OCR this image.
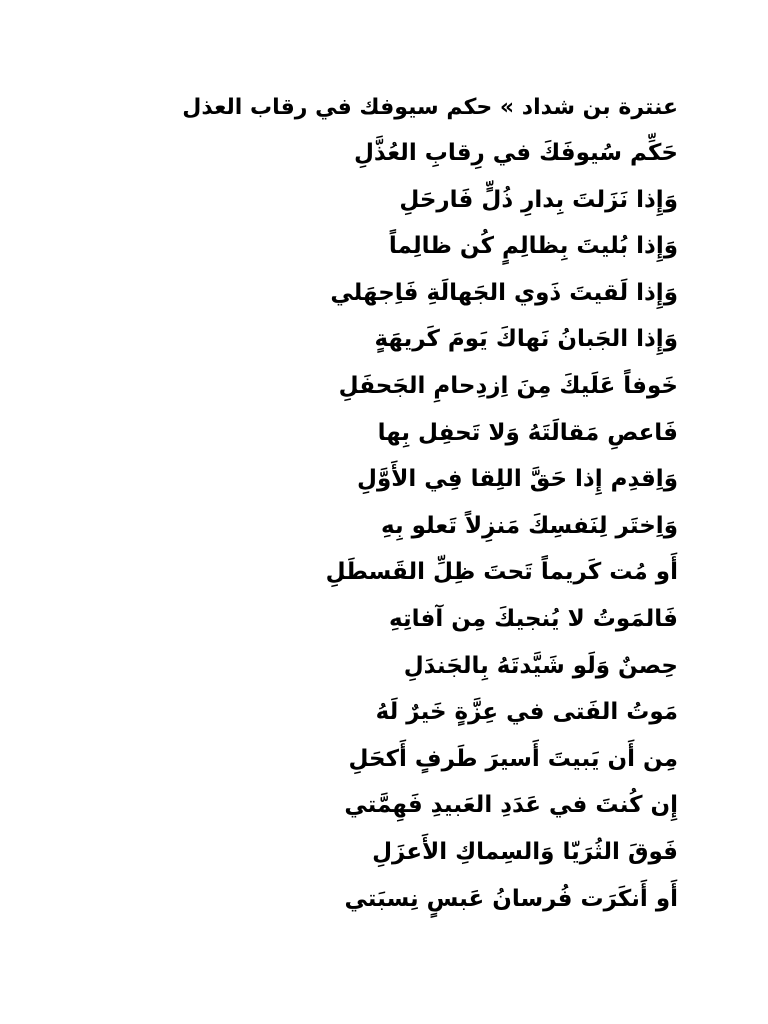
عنترة بن شداد » حكم سيوفك في رقاب العذل
حَكِّم سُيوفَكَ في رِقابِ العُذَّلِ
وَإِذا نَزَلتَ بِدارِ ذُلٍّ فَارحَلِ
وَإِذا بُليتَ بِظالِمٍ كُن ظالِماً
وَإِذا لَقيتَ ذَوي الجَهالَةِ فَاِجهَلي
وَإِذا الجَبانُ نَهاكَ يَومَ كَريهَةٍ
خَوفاً عَلَيكَ مِنَ اِزدِحامِ الجَحفَلِ
فَاعصِ مَقالَتَهُ وَلا تَحفِل بِها
وَاِقدِم إِذا حَقَّ اللِقا فِي الأَوَّلِ
وَاِختَر لِنَفسِكَ مَنزِلاً تَعلو بِهِ
أَو مُت كَريماً تَحتَ ظِلِّ القَسطَلِ
فَالمَوتُ لا يُنجيكَ مِن آفاتِهِ
حِصنٌ وَلَو شَيَّدتَهُ بِالجَندَلِ
مَوتُ الفَتى في عِزَّةٍ خَيرٌ لَهُ
مِن أَن يَبيتَ أَسيرَ طَرفٍ أَكحَلِ
إِن كُنتَ في عَدَدِ العَبيدِ فَهِمَّتي
فَوقَ الثُرَيّا وَالسِماكِ الأَعزَلِ
أَو أَنكَرَت فُرسانُ عَبسٍ نِسبَتي
